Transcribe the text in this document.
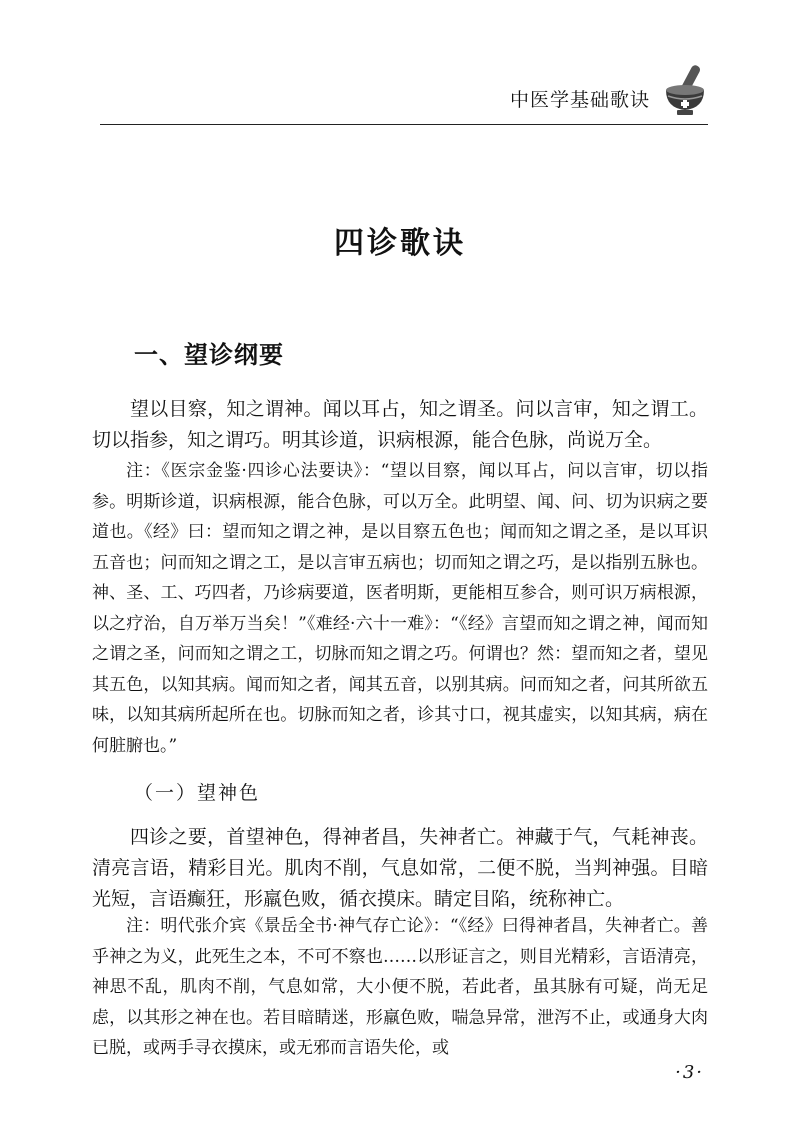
中医学基础歌诀
四诊歌诀
一、望诊纲要

望以目察，知之谓神。闻以耳占，知之谓圣。问以言审，知之谓工。切以指参，知之谓巧。明其诊道，识病根源，能合色脉，尚说万全。

注：《医宗金鉴·四诊心法要诀》：“望以目察，闻以耳占，问以言审，切以指参。明斯诊道，识病根源，能合色脉，可以万全。此明望、闻、问、切为识病之要道也。《经》曰：望而知之谓之神，是以目察五色也；闻而知之谓之圣，是以耳识五音也；问而知之谓之工，是以言审五病也；切而知之谓之巧，是以指别五脉也。神、圣、工、巧四者，乃诊病要道，医者明斯，更能相互参合，则可识万病根源，以之疗治，自万举万当矣！”《难经·六十一难》：“《经》言望而知之谓之神，闻而知之谓之圣，问而知之谓之工，切脉而知之谓之巧。何谓也？然：望而知之者，望见其五色，以知其病。闻而知之者，闻其五音，以别其病。问而知之者，问其所欲五味，以知其病所起所在也。切脉而知之者，诊其寸口，视其虚实，以知其病，病在何脏腑也。”

（一）望神色

四诊之要，首望神色，得神者昌，失神者亡。神藏于气，气耗神丧。清亮言语，精彩目光。肌肉不削，气息如常，二便不脱，当判神强。目暗光短，言语癫狂，形羸色败，循衣摸床。睛定目陷，统称神亡。

注：明代张介宾《景岳全书·神气存亡论》：“《经》曰得神者昌，失神者亡。善乎神之为义，此死生之本，不可不察也……以形证言之，则目光精彩，言语清亮，神思不乱，肌肉不削，气息如常，大小便不脱，若此者，虽其脉有可疑，尚无足虑，以其形之神在也。若目暗睛迷，形羸色败，喘急异常，泄泻不止，或通身大肉已脱，或两手寻衣摸床，或无邪而言语失伦，或

·3·
